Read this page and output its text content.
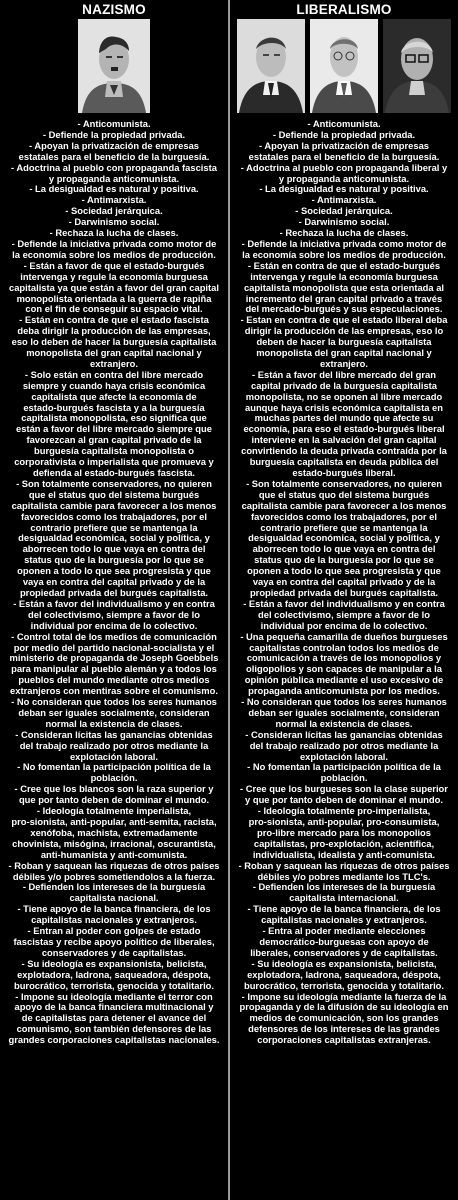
NAZISMO
- Anticomunista.
- Defiende la propiedad privada.
- Apoyan la privatización de empresas
estatales para el beneficio de la burguesía.
- Adoctrina al pueblo con propaganda fascista
y propaganda anticomunista.
- La desigualdad es natural y positiva.
- Antimarxista.
- Sociedad jerárquica.
- Darwinismo social.
- Rechaza la lucha de clases.
- Defiende la iniciativa privada como motor de
la economía sobre los medios de producción.
- Están a favor de que el estado-burgués
intervenga y regule la economía burguesa
capitalista ya que están a favor del gran capital
monopolista orientada a la guerra de rapiña
con el fin de conseguir su espacio vital.
- Están en contra de que el estado fascista
deba dirigir la producción de las empresas,
eso lo deben de hacer la burguesía capitalista
monopolista del gran capital nacional y
extranjero.
- Solo están en contra del libre mercado
siempre y cuando haya crisis económica
capitalista que afecte la economía de
estado-burgués fascista y a la burguesía
capitalista monopolista, eso significa que
están a favor del libre mercado siempre que
favorezcan al gran capital privado de la
burguesía capitalista monopolista o
corporativista o imperialista que promueva y
defienda al estado-burgués fascista.
- Son totalmente conservadores, no quieren
que el status quo del sistema burgués
capitalista cambie para favorecer a los menos
favorecidos como los trabajadores, por el
contrario prefiere que se mantenga la
desigualdad económica, social y política, y
aborrecen todo lo que vaya en contra del
status quo de la burguesía por lo que se
oponen a todo lo que sea progresista y que
vaya en contra del capital privado y de la
propiedad privada del burgués capitalista.
- Están a favor del individualismo y en contra
del colectivismo, siempre a favor de lo
individual por encima de lo colectivo.
- Control total de los medios de comunicación
por medio del partido nacional-socialista y el
ministerio de propaganda de Joseph Goebbels
para manipular al pueblo alemán y a todos los
pueblos del mundo mediante otros medios
extranjeros con mentiras sobre el comunismo.
- No consideran que todos los seres humanos
deban ser iguales socialmente, consideran
normal la existencia de clases.
- Consideran lícitas las ganancias obtenidas
del trabajo realizado por otros mediante la
explotación laboral.
- No fomentan la participación política de la
población.
- Cree que los blancos son la raza superior y
que por tanto deben de dominar el mundo.
- Ideología totalmente imperialista,
pro-sionista, anti-popular, anti-semita, racista,
xenófoba, machista, extremadamente
chovinista, misógina, irracional, oscurantista,
anti-humanista y anti-comunista.
- Roban y saquean las riquezas de otros países
débiles y/o pobres sometiendolos a la fuerza.
- Defienden los intereses de la burguesía
capitalista nacional.
- Tiene apoyo de la banca financiera, de los
capitalistas nacionales y extranjeros.
- Entran al poder con golpes de estado
fascistas y recibe apoyo político de liberales,
conservadores y de capitalistas.
- Su ideología es expansionista, belicista,
explotadora, ladrona, saqueadora, déspota,
burocrático, terrorista, genocida y totalitario.
- Impone su ideología mediante el terror con
apoyo de la banca financiera multinacional y
de capitalistas para detener el avance del
comunismo, son también defensores de las
grandes corporaciones capitalistas nacionales.
LIBERALISMO
- Anticomunista.
- Defiende la propiedad privada.
- Apoyan la privatización de empresas
estatales para el beneficio de la burguesía.
- Adoctrina al pueblo con propaganda liberal y
y propaganda anticomunista.
- La desigualdad es natural y positiva.
- Antimarxista.
- Sociedad jerárquica.
- Darwinismo social.
- Rechaza la lucha de clases.
- Defiende la iniciativa privada como motor de
la economía sobre los medios de producción.
- Están en contra de que el estado-burgués
intervenga y regule la economía burguesa
capitalista monopolista que esta orientada al
incremento del gran capital privado a través
del mercado-burgués y sus especulaciones.
- Estan en contra de que el estado liberal deba
dirigir la producción de las empresas, eso lo
deben de hacer la burguesía capitalista
monopolista del gran capital nacional y
extranjero.
- Están a favor del libre mercado del gran
capital privado de la burguesía capitalista
monopolista, no se oponen al libre mercado
aunque haya crisis económica capitalista en
muchas partes del mundo que afecte su
economía, para eso el estado-burgués liberal
interviene en la salvación del gran capital
convirtiendo la deuda privada contraída por la
burguesía capitalista en deuda pública del
estado-burgués liberal.
- Son totalmente conservadores, no quieren
que el status quo del sistema burgués
capitalista cambie para favorecer a los menos
favorecidos como los trabajadores, por el
contrario prefiere que se mantenga la
desigualdad económica, social y política, y
aborrecen todo lo que vaya en contra del
status quo de la burguesía por lo que se
oponen a todo lo que sea progresista y que
vaya en contra del capital privado y de la
propiedad privada del burgués capitalista.
- Están a favor del individualismo y en contra
del colectivismo, siempre a favor de lo
individual por encima de lo colectivo.
- Una pequeña camarilla de dueños burgueses
capitalistas controlan todos los medios de
comunicación a través de los monopolios y
oligopolios y son capaces de manipular a la
opinión pública mediante el uso excesivo de
propaganda anticomunista por los medios.
- No consideran que todos los seres humanos
deban ser iguales socialmente, consideran
normal la existencia de clases.
- Consideran lícitas las ganancias obtenidas
del trabajo realizado por otros mediante la
explotación laboral.
- No fomentan la participación política de la
población.
- Cree que los burgueses son la clase superior
y que por tanto deben de dominar el mundo.
- Ideología totalmente pro-imperialista,
pro-sionista, anti-popular, pro-consumista,
pro-libre mercado para los monopolios
capitalistas, pro-explotación, acientífica,
individualista, idealista y anti-comunista.
- Roban y saquean las riquezas de otros países
débiles y/o pobres mediante los TLC's.
- Defienden los intereses de la burguesía
capitalista internacional.
- Tiene apoyo de la banca financiera, de los
capitalistas nacionales y extranjeros.
- Entra al poder mediante elecciones
democrático-burguesas con apoyo de
liberales, conservadores y de capitalistas.
- Su ideología es expansionista, belicista,
explotadora, ladrona, saqueadora, déspota,
burocrático, terrorista, genocida y totalitario.
- Impone su ideología mediante la fuerza de la
propaganda y de la difusión de su ideología en
medios de comunicación, son los grandes
defensores de los intereses de las grandes
corporaciones capitalistas extranjeras.
